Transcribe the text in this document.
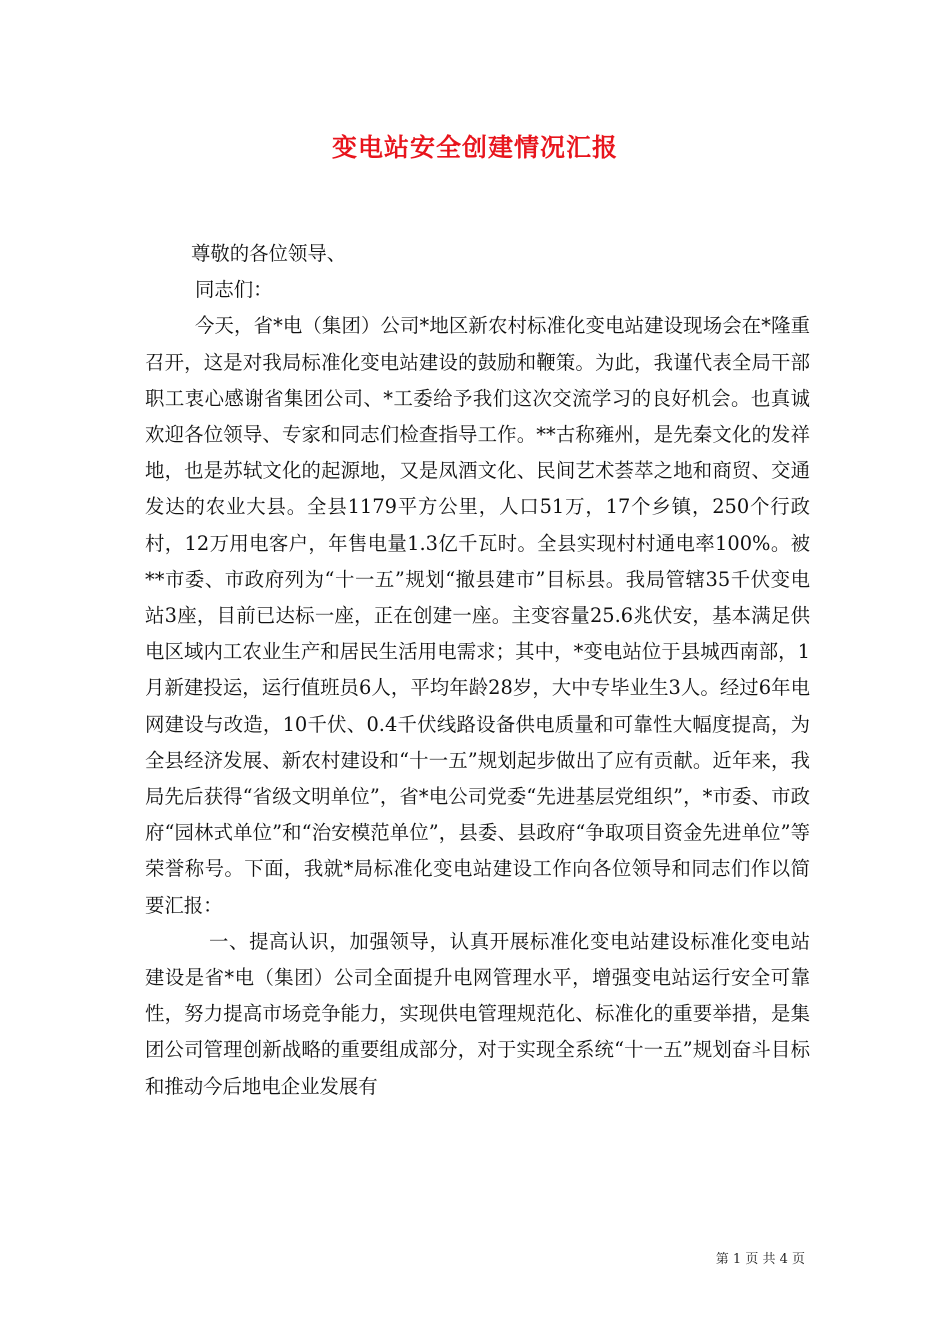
变电站安全创建情况汇报

尊敬的各位领导、

同志们：

今天，省*电（集团）公司*地区新农村标准化变电站建设现场会在*隆重召开，这是对我局标准化变电站建设的鼓励和鞭策。为此，我谨代表全局干部职工衷心感谢省集团公司、*工委给予我们这次交流学习的良好机会。也真诚欢迎各位领导、专家和同志们检查指导工作。**古称雍州，是先秦文化的发祥地，也是苏轼文化的起源地，又是凤酒文化、民间艺术荟萃之地和商贸、交通发达的农业大县。全县1179平方公里，人口51万，17个乡镇，250个行政村，12万用电客户，年售电量1.3亿千瓦时。全县实现村村通电率100%。被**市委、市政府列为“十一五”规划“撤县建市”目标县。我局管辖35千伏变电站3座，目前已达标一座，正在创建一座。主变容量25.6兆伏安，基本满足供电区域内工农业生产和居民生活用电需求；其中，*变电站位于县城西南部，1月新建投运，运行值班员6人，平均年龄28岁，大中专毕业生3人。经过6年电网建设与改造，10千伏、0.4千伏线路设备供电质量和可靠性大幅度提高，为全县经济发展、新农村建设和“十一五”规划起步做出了应有贡献。近年来，我局先后获得“省级文明单位”，省*电公司党委“先进基层党组织”，*市委、市政府“园林式单位”和“治安模范单位”，县委、县政府“争取项目资金先进单位”等荣誉称号。下面，我就*局标准化变电站建设工作向各位领导和同志们作以简要汇报：

一、提高认识，加强领导，认真开展标准化变电站建设标准化变电站建设是省*电（集团）公司全面提升电网管理水平，增强变电站运行安全可靠性，努力提高市场竞争能力，实现供电管理规范化、标准化的重要举措，是集团公司管理创新战略的重要组成部分，对于实现全系统“十一五”规划奋斗目标和推动今后地电企业发展有

第 1 页 共 4 页
